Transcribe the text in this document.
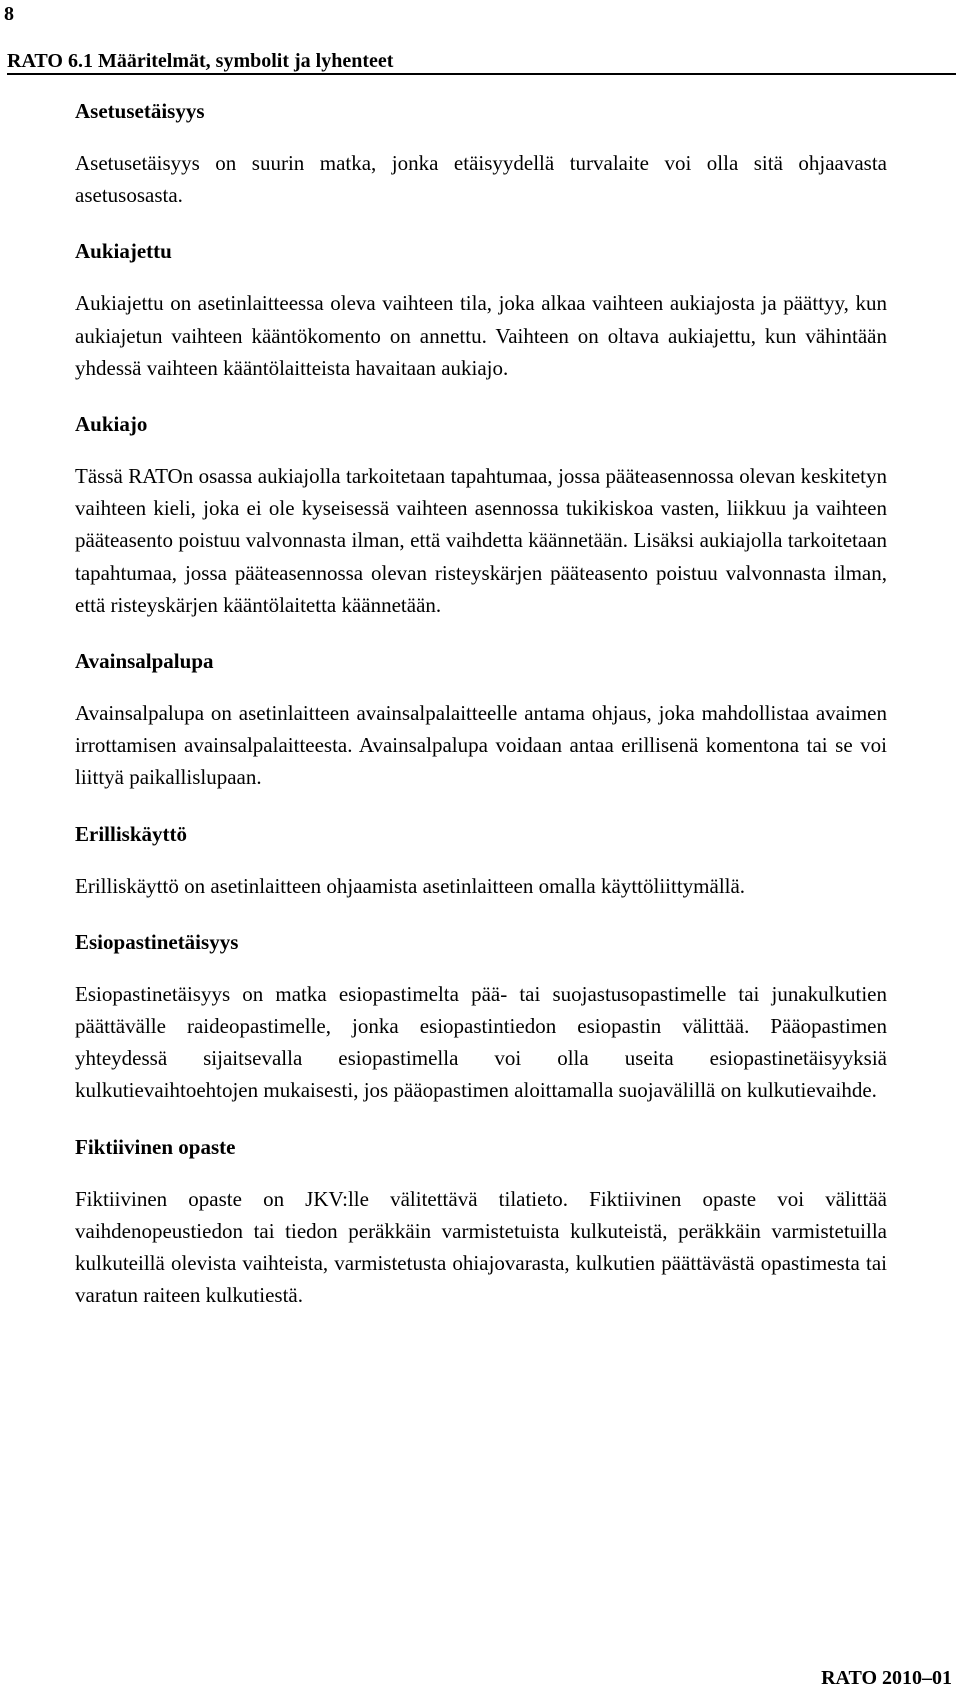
8
RATO 6.1 Määritelmät, symbolit ja lyhenteet
Asetusetäisyys

Asetusetäisyys on suurin matka, jonka etäisyydellä turvalaite voi olla sitä ohjaavasta asetusosasta.

Aukiajettu

Aukiajettu on asetinlaitteessa oleva vaihteen tila, joka alkaa vaihteen aukiajosta ja päättyy, kun aukiajetun vaihteen kääntökomento on annettu. Vaihteen on oltava aukiajettu, kun vähintään yhdessä vaihteen kääntölaitteista havaitaan aukiajo.

Aukiajo

Tässä RATOn osassa aukiajolla tarkoitetaan tapahtumaa, jossa pääteasennossa olevan keskitetyn vaihteen kieli, joka ei ole kyseisessä vaihteen asennossa tukikiskoa vasten, liikkuu ja vaihteen pääteasento poistuu valvonnasta ilman, että vaihdetta käännetään. Lisäksi aukiajolla tarkoitetaan tapahtumaa, jossa pääteasennossa olevan risteyskärjen pääteasento poistuu valvonnasta ilman, että risteyskärjen kääntölaitetta käännetään.

Avainsalpalupa

Avainsalpalupa on asetinlaitteen avainsalpalaitteelle antama ohjaus, joka mahdollistaa avaimen irrottamisen avainsalpalaitteesta. Avainsalpalupa voidaan antaa erillisenä komentona tai se voi liittyä paikallislupaan.

Erilliskäyttö

Erilliskäyttö on asetinlaitteen ohjaamista asetinlaitteen omalla käyttöliittymällä.

Esiopastinetäisyys

Esiopastinetäisyys on matka esiopastimelta pää- tai suojastusopastimelle tai junakulkutien päättävälle raideopastimelle, jonka esiopastintiedon esiopastin välittää. Pääopastimen yhteydessä sijaitsevalla esiopastimella voi olla useita esiopastinetäisyyksiä kulkutievaihtoehtojen mukaisesti, jos pääopastimen aloittamalla suojavälillä on kulkutievaihde.

Fiktiivinen opaste

Fiktiivinen opaste on JKV:lle välitettävä tilatieto. Fiktiivinen opaste voi välittää vaihdenopeustiedon tai tiedon peräkkäin varmistetuista kulkuteistä, peräkkäin varmistetuilla kulkuteillä olevista vaihteista, varmistetusta ohiajovarasta, kulkutien päättävästä opastimesta tai varatun raiteen kulkutiestä.

RATO 2010–01
